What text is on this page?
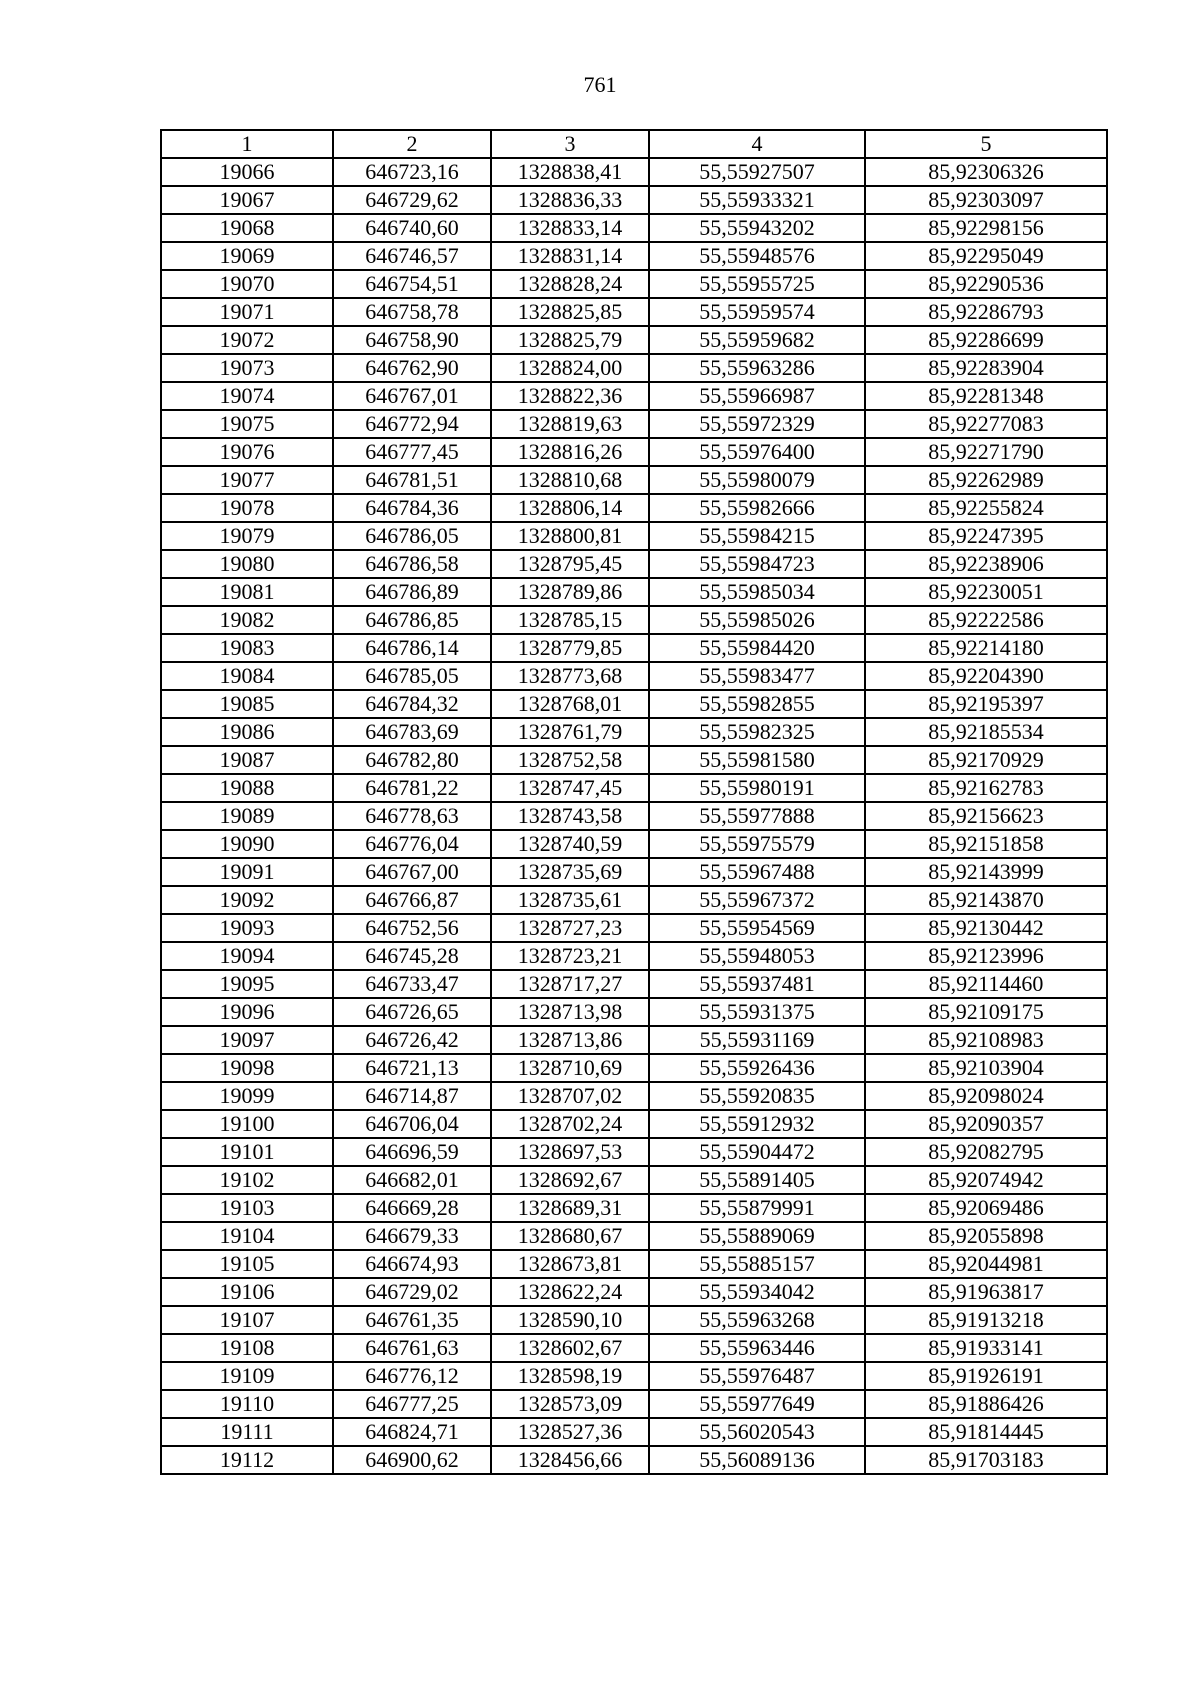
761
1	2	3	4	5
19066	646723,16	1328838,41	55,55927507	85,92306326
19067	646729,62	1328836,33	55,55933321	85,92303097
19068	646740,60	1328833,14	55,55943202	85,92298156
19069	646746,57	1328831,14	55,55948576	85,92295049
19070	646754,51	1328828,24	55,55955725	85,92290536
19071	646758,78	1328825,85	55,55959574	85,92286793
19072	646758,90	1328825,79	55,55959682	85,92286699
19073	646762,90	1328824,00	55,55963286	85,92283904
19074	646767,01	1328822,36	55,55966987	85,92281348
19075	646772,94	1328819,63	55,55972329	85,92277083
19076	646777,45	1328816,26	55,55976400	85,92271790
19077	646781,51	1328810,68	55,55980079	85,92262989
19078	646784,36	1328806,14	55,55982666	85,92255824
19079	646786,05	1328800,81	55,55984215	85,92247395
19080	646786,58	1328795,45	55,55984723	85,92238906
19081	646786,89	1328789,86	55,55985034	85,92230051
19082	646786,85	1328785,15	55,55985026	85,92222586
19083	646786,14	1328779,85	55,55984420	85,92214180
19084	646785,05	1328773,68	55,55983477	85,92204390
19085	646784,32	1328768,01	55,55982855	85,92195397
19086	646783,69	1328761,79	55,55982325	85,92185534
19087	646782,80	1328752,58	55,55981580	85,92170929
19088	646781,22	1328747,45	55,55980191	85,92162783
19089	646778,63	1328743,58	55,55977888	85,92156623
19090	646776,04	1328740,59	55,55975579	85,92151858
19091	646767,00	1328735,69	55,55967488	85,92143999
19092	646766,87	1328735,61	55,55967372	85,92143870
19093	646752,56	1328727,23	55,55954569	85,92130442
19094	646745,28	1328723,21	55,55948053	85,92123996
19095	646733,47	1328717,27	55,55937481	85,92114460
19096	646726,65	1328713,98	55,55931375	85,92109175
19097	646726,42	1328713,86	55,55931169	85,92108983
19098	646721,13	1328710,69	55,55926436	85,92103904
19099	646714,87	1328707,02	55,55920835	85,92098024
19100	646706,04	1328702,24	55,55912932	85,92090357
19101	646696,59	1328697,53	55,55904472	85,92082795
19102	646682,01	1328692,67	55,55891405	85,92074942
19103	646669,28	1328689,31	55,55879991	85,92069486
19104	646679,33	1328680,67	55,55889069	85,92055898
19105	646674,93	1328673,81	55,55885157	85,92044981
19106	646729,02	1328622,24	55,55934042	85,91963817
19107	646761,35	1328590,10	55,55963268	85,91913218
19108	646761,63	1328602,67	55,55963446	85,91933141
19109	646776,12	1328598,19	55,55976487	85,91926191
19110	646777,25	1328573,09	55,55977649	85,91886426
19111	646824,71	1328527,36	55,56020543	85,91814445
19112	646900,62	1328456,66	55,56089136	85,91703183
